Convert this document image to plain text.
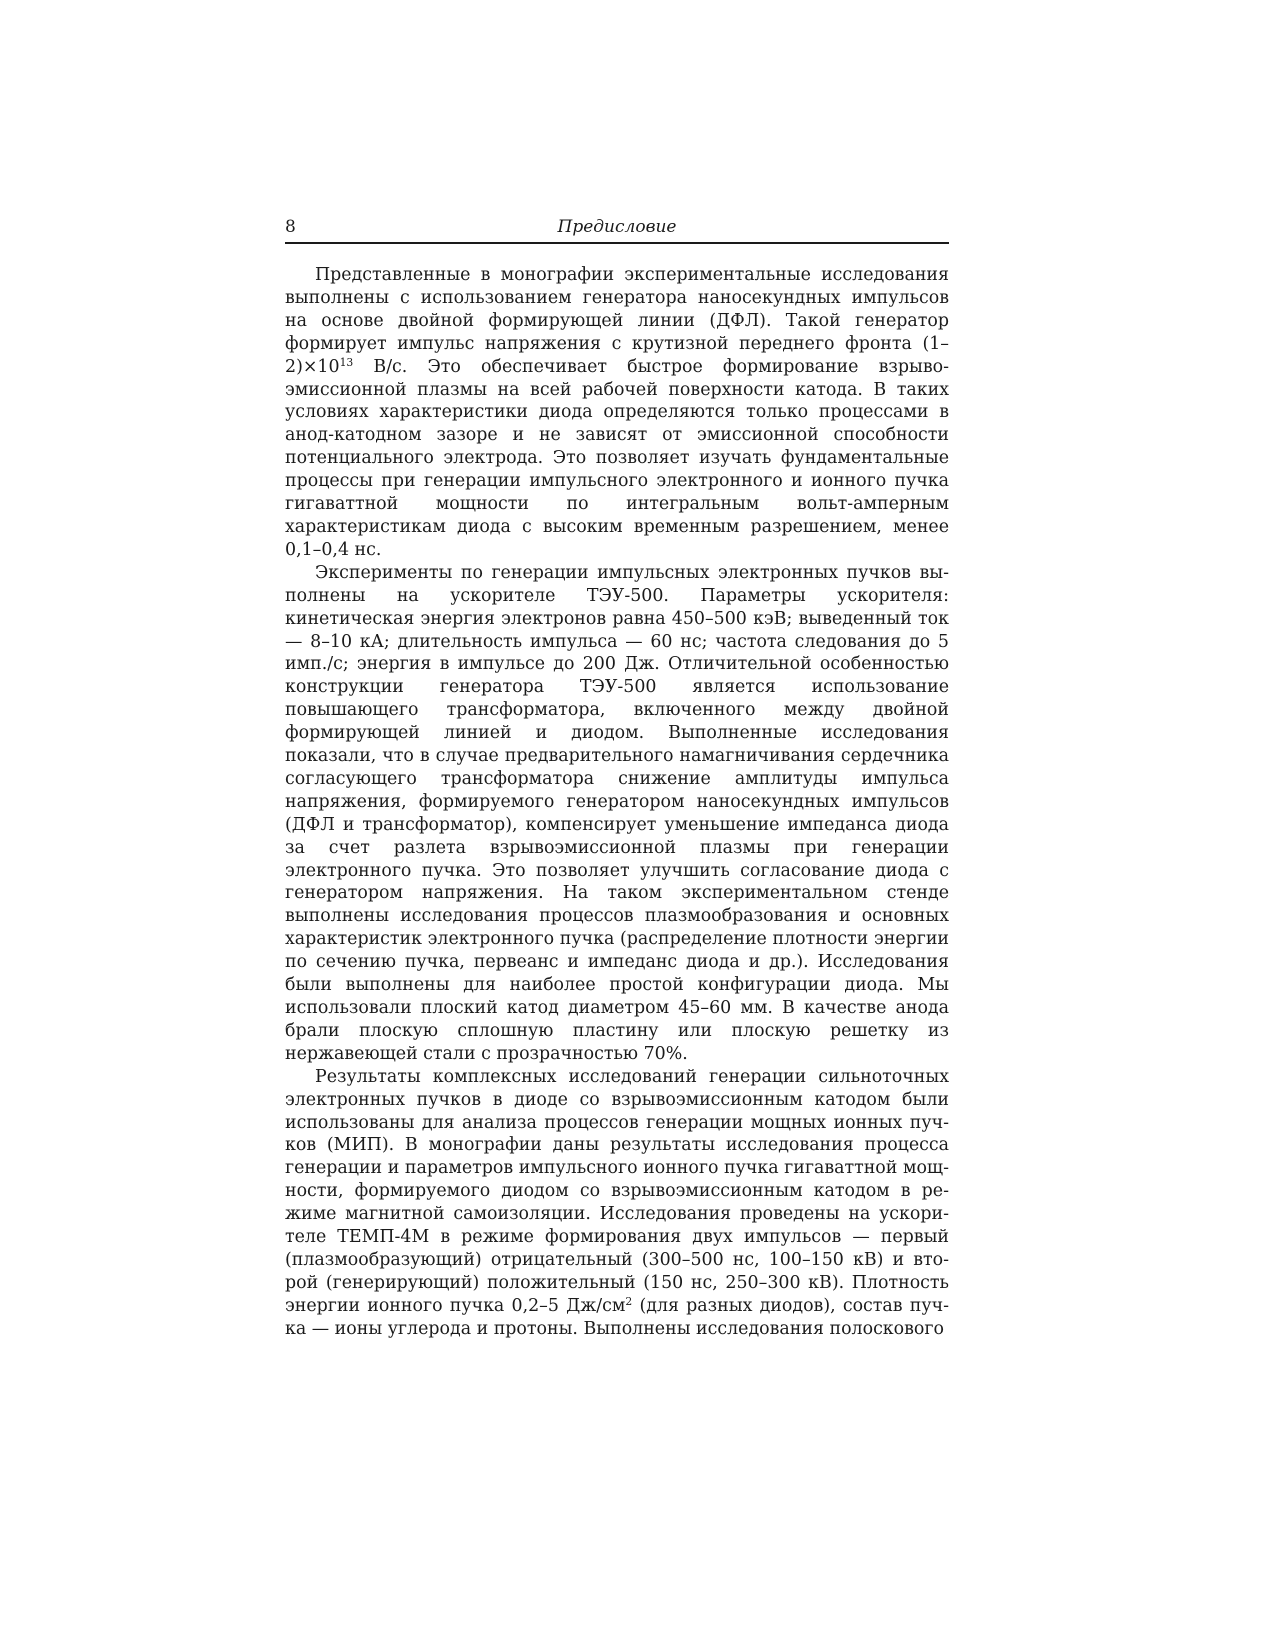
8	Предисловие

Представленные в монографии экспериментальные исследования выполнены с использованием генератора наносекундных импульсов на основе двойной формирующей линии (ДФЛ). Такой генератор формирует импульс напряжения с крутизной переднего фронта $(1-2)\times 10^{13}$ В/с. Это обеспечивает быстрое формирование взрывоэмиссионной плазмы на всей рабочей поверхности катода. В таких условиях характеристики диода определяются только процессами в анод-катодном зазоре и не зависят от эмиссионной способности потенциального электрода. Это позволяет изучать фундаментальные процессы при генерации импульсного электронного и ионного пучка гигаваттной мощности по интегральным вольт-амперным характеристикам диода с высоким временным разрешением, менее 0,1–0,4 нс.

Эксперименты по генерации импульсных электронных пучков выполнены на ускорителе ТЭУ-500. Параметры ускорителя: кинетическая энергия электронов равна 450–500 кэВ; выведенный ток — 8–10 кА; длительность импульса — 60 нс; частота следования до 5 имп./с; энергия в импульсе до 200 Дж. Отличительной особенностью конструкции генератора ТЭУ-500 является использование повышающего трансформатора, включенного между двойной формирующей линией и диодом. Выполненные исследования показали, что в случае предварительного намагничивания сердечника согласующего трансформатора снижение амплитуды импульса напряжения, формируемого генератором наносекундных импульсов (ДФЛ и трансформатор), компенсирует уменьшение импеданса диода за счет разлета взрывоэмиссионной плазмы при генерации электронного пучка. Это позволяет улучшить согласование диода с генератором напряжения. На таком экспериментальном стенде выполнены исследования процессов плазмообразования и основных характеристик электронного пучка (распределение плотности энергии по сечению пучка, первеанс и импеданс диода и др.). Исследования были выполнены для наиболее простой конфигурации диода. Мы использовали плоский катод диаметром 45–60 мм. В качестве анода брали плоскую сплошную пластину или плоскую решетку из нержавеющей стали с прозрачностью 70%.

Результаты комплексных исследований генерации сильноточных электронных пучков в диоде со взрывоэмиссионным катодом были использованы для анализа процессов генерации мощных ионных пучков (МИП). В монографии даны результаты исследования процесса генерации и параметров импульсного ионного пучка гигаваттной мощности, формируемого диодом со взрывоэмиссионным катодом в режиме магнитной самоизоляции. Исследования проведены на ускорителе ТЕМП-4М в режиме формирования двух импульсов — первый (плазмообразующий) отрицательный (300–500 нс, 100–150 кВ) и второй (генерирующий) положительный (150 нс, 250–300 кВ). Плотность энергии ионного пучка 0,2–5 $Дж/см^2$ (для разных диодов), состав пучка — ионы углерода и протоны. Выполнены исследования полоскового
